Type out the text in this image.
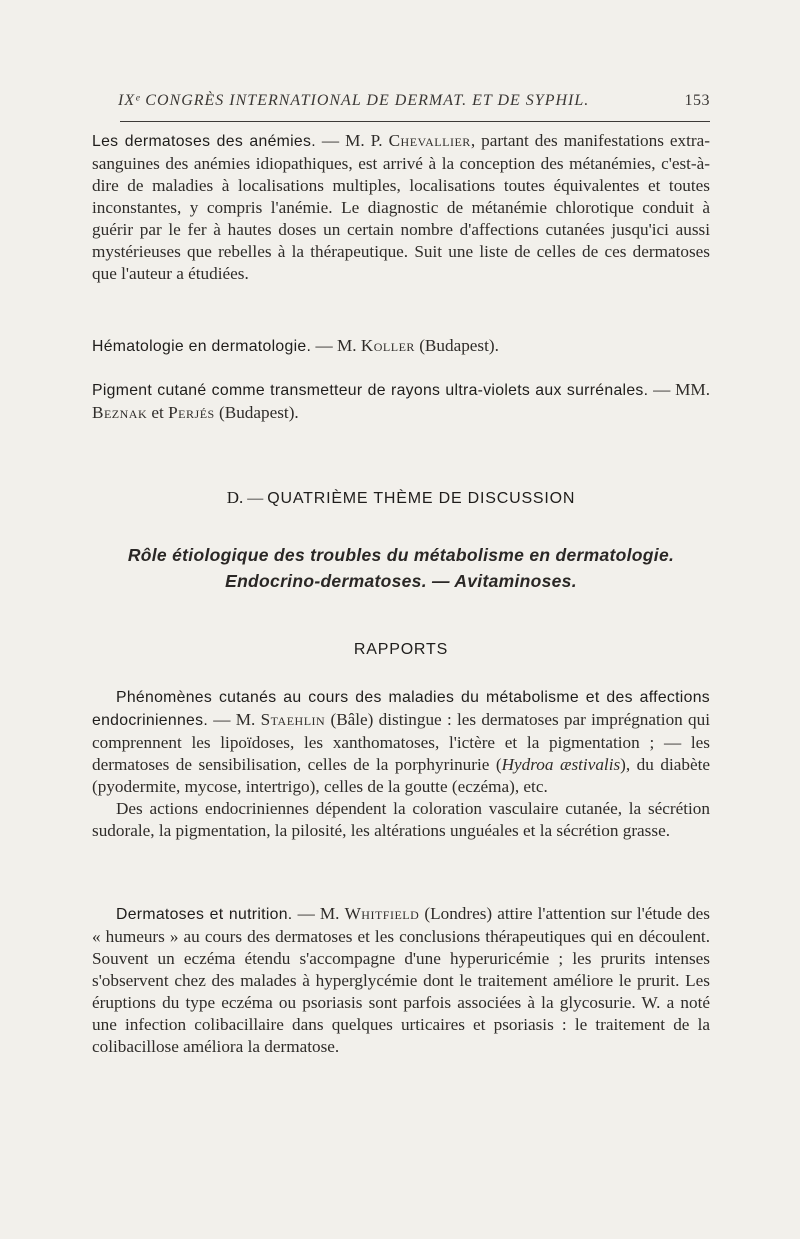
IXᵉ CONGRÈS INTERNATIONAL DE DERMAT. ET DE SYPHIL.	153
Les dermatoses des anémies. — M. P. Chevallier, partant des manifestations extra-sanguines des anémies idiopathiques, est arrivé à la conception des métanémies, c'est-à-dire de maladies à localisations multiples, localisations toutes équivalentes et toutes inconstantes, y compris l'anémie. Le diagnostic de métanémie chlorotique conduit à guérir par le fer à hautes doses un certain nombre d'affections cutanées jusqu'ici aussi mystérieuses que rebelles à la thérapeutique. Suit une liste de celles de ces dermatoses que l'auteur a étudiées.
Hématologie en dermatologie. — M. Koller (Budapest).
Pigment cutané comme transmetteur de rayons ultra-violets aux surrénales. — MM. Beznak et Perjés (Budapest).
D. — QUATRIÈME THÈME DE DISCUSSION
Rôle étiologique des troubles du métabolisme en dermatologie.
Endocrino-dermatoses. — Avitaminoses.
RAPPORTS
Phénomènes cutanés au cours des maladies du métabolisme et des affections endocriniennes. — M. Staehlin (Bâle) distingue : les dermatoses par imprégnation qui comprennent les lipoïdoses, les xanthomatoses, l'ictère et la pigmentation ; — les dermatoses de sensibilisation, celles de la porphyrinurie (Hydroa æstivalis), du diabète (pyodermite, mycose, intertrigo), celles de la goutte (eczéma), etc.
Des actions endocriniennes dépendent la coloration vasculaire cutanée, la sécrétion sudorale, la pigmentation, la pilosité, les altérations unguéales et la sécrétion grasse.
Dermatoses et nutrition. — M. Whitfield (Londres) attire l'attention sur l'étude des « humeurs » au cours des dermatoses et les conclusions thérapeutiques qui en découlent. Souvent un eczéma étendu s'accompagne d'une hyperuricémie ; les prurits intenses s'observent chez des malades à hyperglycémie dont le traitement améliore le prurit. Les éruptions du type eczéma ou psoriasis sont parfois associées à la glycosurie. W. a noté une infection colibacillaire dans quelques urticaires et psoriasis : le traitement de la colibacillose améliora la dermatose.
